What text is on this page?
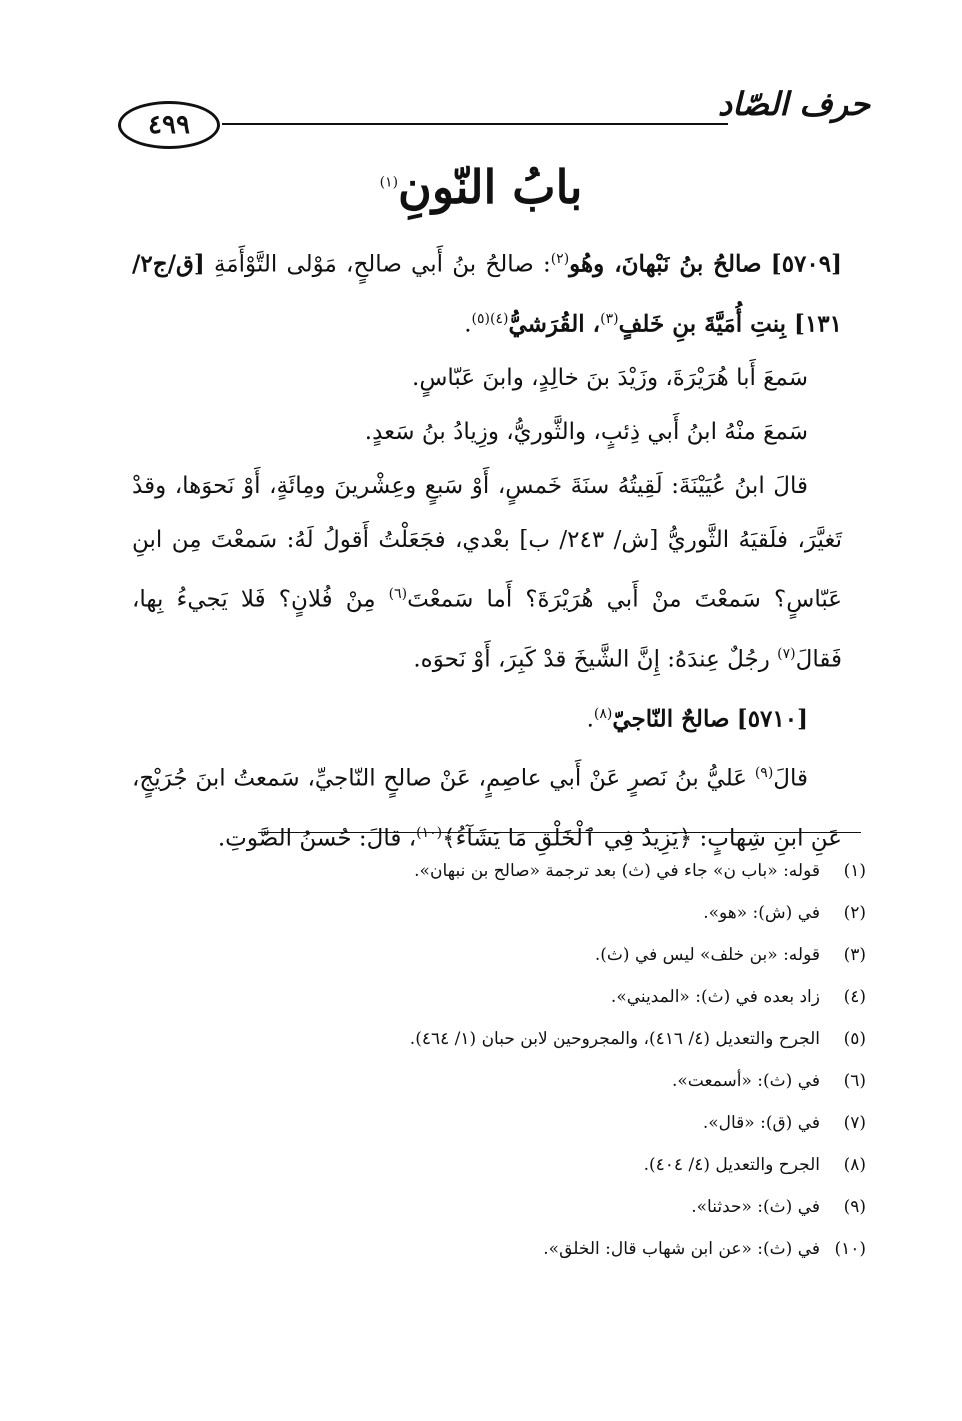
٤٩٩
حرف الصّاد
بابُ النّونِ$^{(١)}$

[٥٧٠٩] صالحُ بنُ نَبْهانَ، وهُو$^{(٢)}$: صالحُ بنُ أَبي صالحٍ، مَوْلى التَّوْأَمَةِ [ق/ج٢/ ١٣١] بِنتِ أُمَيَّةَ بنِ خَلفٍ$^{(٣)}$، القُرَشيُّ$^{(٤)(٥)}$.

سَمعَ أَبا هُرَيْرَةَ، وزَيْدَ بنَ خالِدٍ، وابنَ عَبّاسٍ.

سَمعَ منْهُ ابنُ أَبي ذِئبٍ، والثَّوريُّ، وزِيادُ بنُ سَعدٍ.

قالَ ابنُ عُيَيْنَةَ: لَقِيتُهُ سنَةَ خَمسٍ، أَوْ سَبعٍ وعِشْرينَ ومِائَةٍ، أَوْ نَحوَها، وقدْ تَغيَّرَ، فلَقيَهُ الثَّوريُّ [ش/ ٢٤٣/ ب] بعْدي، فجَعَلْتُ أَقولُ لَهُ: سَمعْتَ مِن ابنِ عَبّاسٍ؟ سَمعْتَ منْ أَبي هُرَيْرَةَ؟ أَما سَمعْتَ$^{(٦)}$ مِنْ فُلانٍ؟ فَلا يَجيءُ بِها، فَقالَ$^{(٧)}$ رجُلٌ عِندَهُ: إِنَّ الشَّيخَ قدْ كَبِرَ، أَوْ نَحوَه.

[٥٧١٠] صالحٌ النّاجيّ$^{(٨)}$.

قالَ$^{(٩)}$ عَليُّ بنُ نَصرٍ عَنْ أَبي عاصِمٍ، عَنْ صالحٍ النّاجيِّ، سَمعتُ ابنَ جُرَيْجٍ، عَنِ ابنِ شِهابٍ: ﴿يَزِيدُ فِي ٱلْخَلْقِ مَا يَشَآءُ﴾$^{(١٠)}$، قالَ: حُسنُ الصَّوتِ.

(١)قوله: «باب ن» جاء في (ث) بعد ترجمة «صالح بن نبهان».
(٢)في (ش): «هو».
(٣)قوله: «بن خلف» ليس في (ث).
(٤)زاد بعده في (ث): «المديني».
(٥)الجرح والتعديل (٤/ ٤١٦)، والمجروحين لابن حبان (١/ ٤٦٤).
(٦)في (ث): «أسمعت».
(٧)في (ق): «قال».
(٨)الجرح والتعديل (٤/ ٤٠٤).
(٩)في (ث): «حدثنا».
(١٠)في (ث): «عن ابن شهاب قال: الخلق».
